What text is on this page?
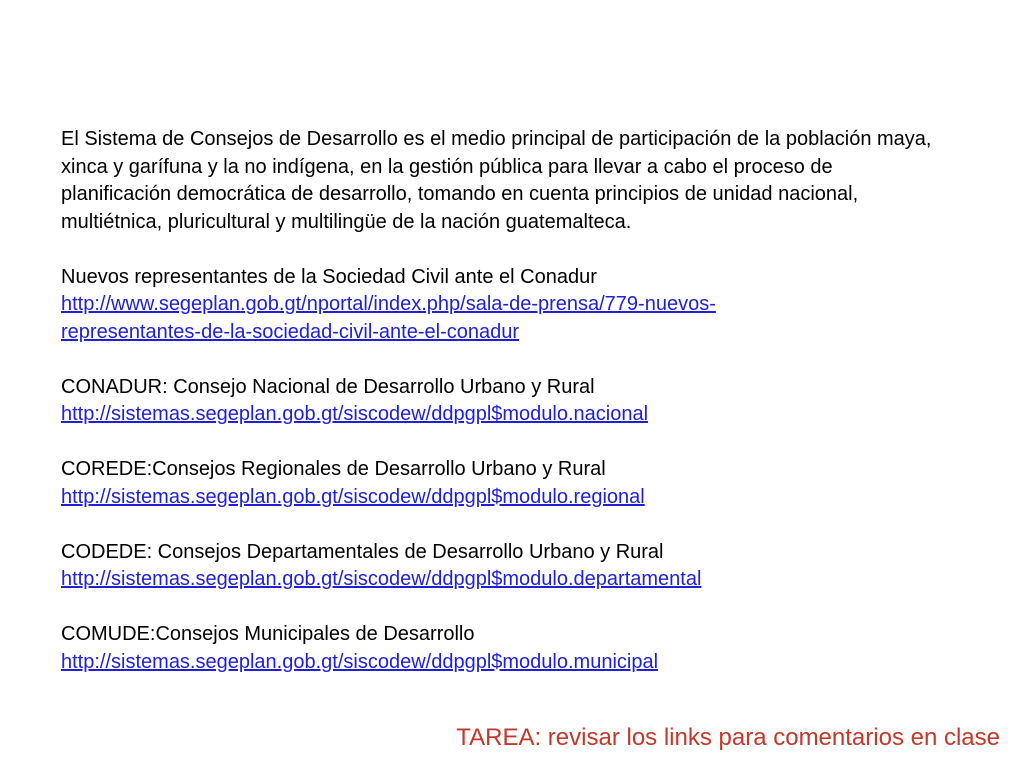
El Sistema de Consejos de Desarrollo es el medio principal de participación de la población maya, xinca y garífuna y la no indígena, en la gestión pública para llevar a cabo el proceso de planificación democrática de desarrollo, tomando en cuenta principios de unidad nacional, multiétnica, pluricultural y multilingüe de la nación guatemalteca.

Nuevos representantes de la Sociedad Civil ante el Conadur
http://www.segeplan.gob.gt/nportal/index.php/sala-de-prensa/779-nuevos-
representantes-de-la-sociedad-civil-ante-el-conadur
CONADUR: Consejo Nacional de Desarrollo Urbano y Rural
http://sistemas.segeplan.gob.gt/siscodew/ddpgpl$modulo.nacional
COREDE:Consejos Regionales de Desarrollo Urbano y Rural
http://sistemas.segeplan.gob.gt/siscodew/ddpgpl$modulo.regional
CODEDE: Consejos Departamentales de Desarrollo Urbano y Rural
http://sistemas.segeplan.gob.gt/siscodew/ddpgpl$modulo.departamental
COMUDE:Consejos Municipales de Desarrollo
http://sistemas.segeplan.gob.gt/siscodew/ddpgpl$modulo.municipal
TAREA: revisar los links para comentarios en clase
